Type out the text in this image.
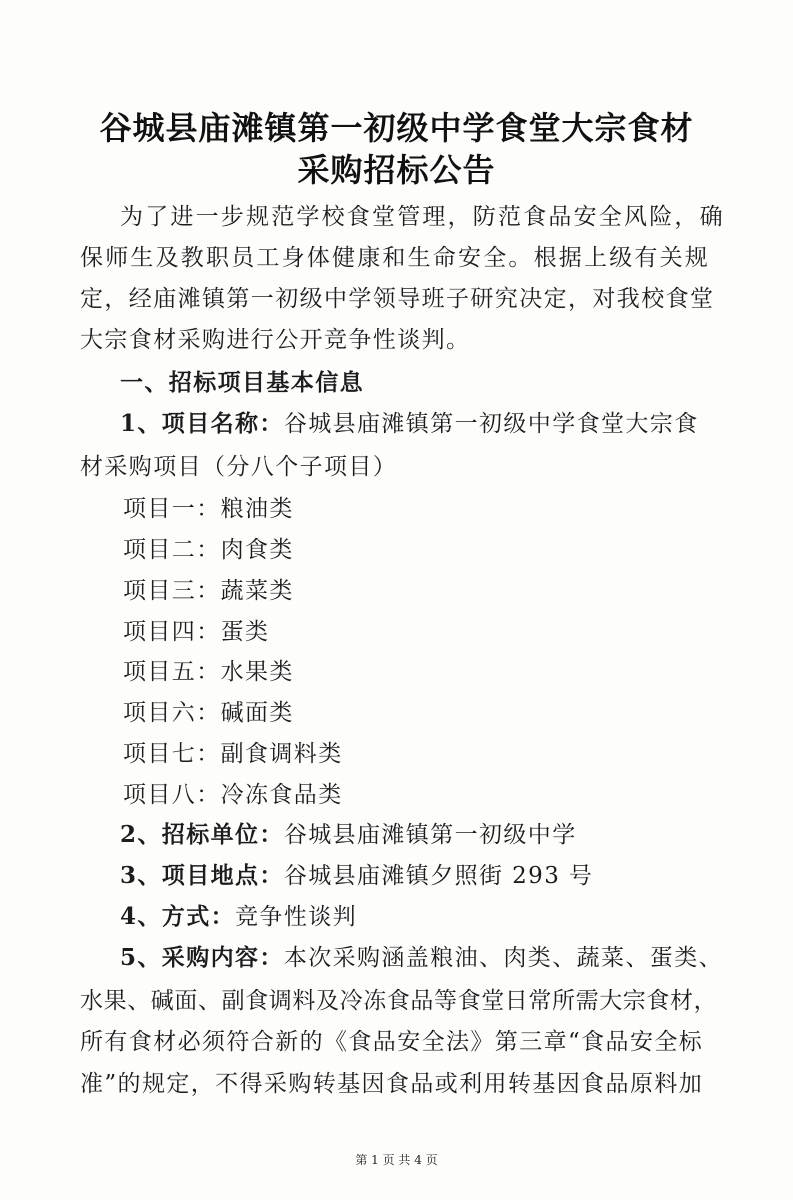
谷城县庙滩镇第一初级中学食堂大宗食材
采购招标公告
为了进一步规范学校食堂管理，防范食品安全风险，确
保师生及教职员工身体健康和生命安全。根据上级有关规
定，经庙滩镇第一初级中学领导班子研究决定，对我校食堂
大宗食材采购进行公开竞争性谈判。
一、招标项目基本信息
1、项目名称：谷城县庙滩镇第一初级中学食堂大宗食
材采购项目（分八个子项目）
项目一：粮油类
项目二：肉食类
项目三：蔬菜类
项目四：蛋类
项目五：水果类
项目六：碱面类
项目七：副食调料类
项目八：冷冻食品类
2、招标单位：谷城县庙滩镇第一初级中学
3、项目地点：谷城县庙滩镇夕照街 293 号
4、方式：竞争性谈判
5、采购内容：本次采购涵盖粮油、肉类、蔬菜、蛋类、
水果、碱面、副食调料及冷冻食品等食堂日常所需大宗食材，
所有食材必须符合新的《食品安全法》第三章“食品安全标
准”的规定，不得采购转基因食品或利用转基因食品原料加
第 1 页 共 4 页
